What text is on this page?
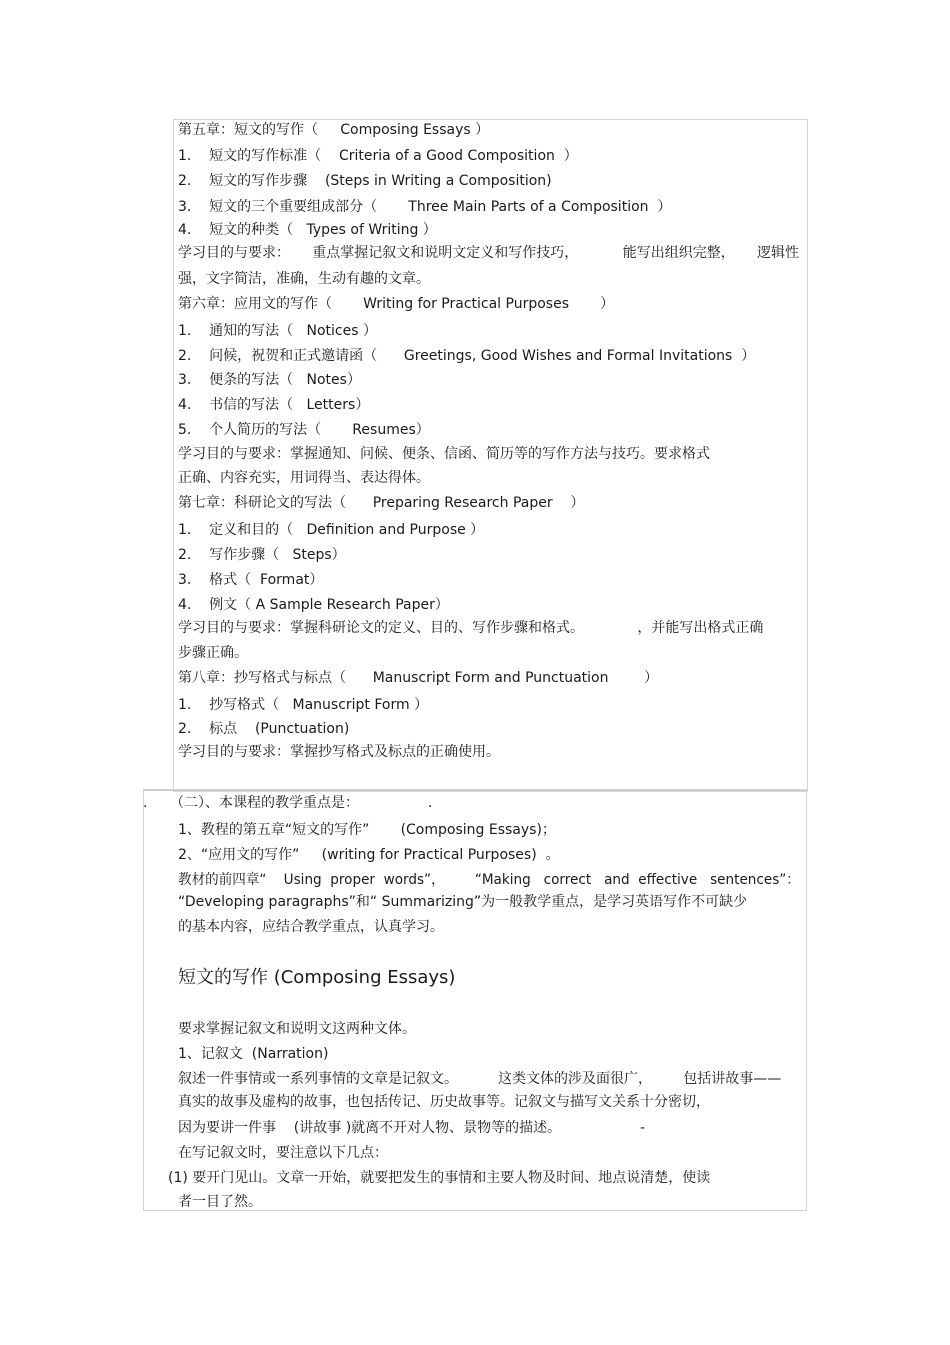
第五章：短文的写作（     Composing Essays ）
1.    短文的写作标准（    Criteria of a Good Composition  ）
2.    短文的写作步骤    (Steps in Writing a Composition)
3.    短文的三个重要组成部分（       Three Main Parts of a Composition  ）
4.    短文的种类（   Types of Writing ）
学习目的与要求：     重点掌握记叙文和说明文定义和写作技巧，          能写出组织完整，     逻辑性
强，文字简洁，准确，生动有趣的文章。
第六章：应用文的写作（       Writing for Practical Purposes       ）
1.    通知的写法（   Notices ）
2.    问候，祝贺和正式邀请函（      Greetings, Good Wishes and Formal Invitations  ）
3.    便条的写法（   Notes）
4.    书信的写法（   Letters）
5.    个人简历的写法（       Resumes）
学习目的与要求：掌握通知、问候、便条、信函、简历等的写作方法与技巧。要求格式
正确、内容充实，用词得当、表达得体。
第七章：科研论文的写法（      Preparing Research Paper    ）
1.    定义和目的（   Definition and Purpose ）
2.    写作步骤（   Steps）
3.    格式（  Format）
4.    例文（ A Sample Research Paper）
学习目的与要求：掌握科研论文的定义、目的、写作步骤和格式。            ，并能写出格式正确
步骤正确。
第八章：抄写格式与标点（      Manuscript Form and Punctuation        ）
1.    抄写格式（   Manuscript Form ）
2.    标点    (Punctuation)
学习目的与要求：掌握抄写格式及标点的正确使用。
. （二）、本课程的教学重点是：	.
1、教程的第五章“短文的写作”       (Composing Essays)；
2、“应用文的写作”     (writing for Practical Purposes)  。
教材的前四章“    Using  proper  words”，       “Making   correct   and  effective   sentences”：
“Developing paragraphs”和“ Summarizing”为一般教学重点，是学习英语写作不可缺少
的基本内容，应结合教学重点，认真学习。
短文的写作 (Composing Essays)
要求掌握记叙文和说明文这两种文体。
1、记叙文  (Narration)
叙述一件事情或一系列事情的文章是记叙文。         这类文体的涉及面很广，       包括讲故事——
真实的故事及虚构的故事，也包括传记、历史故事等。记叙文与描写文关系十分密切，
因为要讲一件事    (讲故事 )就离不开对人物、景物等的描述。	-
在写记叙文时，要注意以下几点：
(1) 要开门见山。文章一开始，就要把发生的事情和主要人物及时间、地点说清楚，使读
者一目了然。
